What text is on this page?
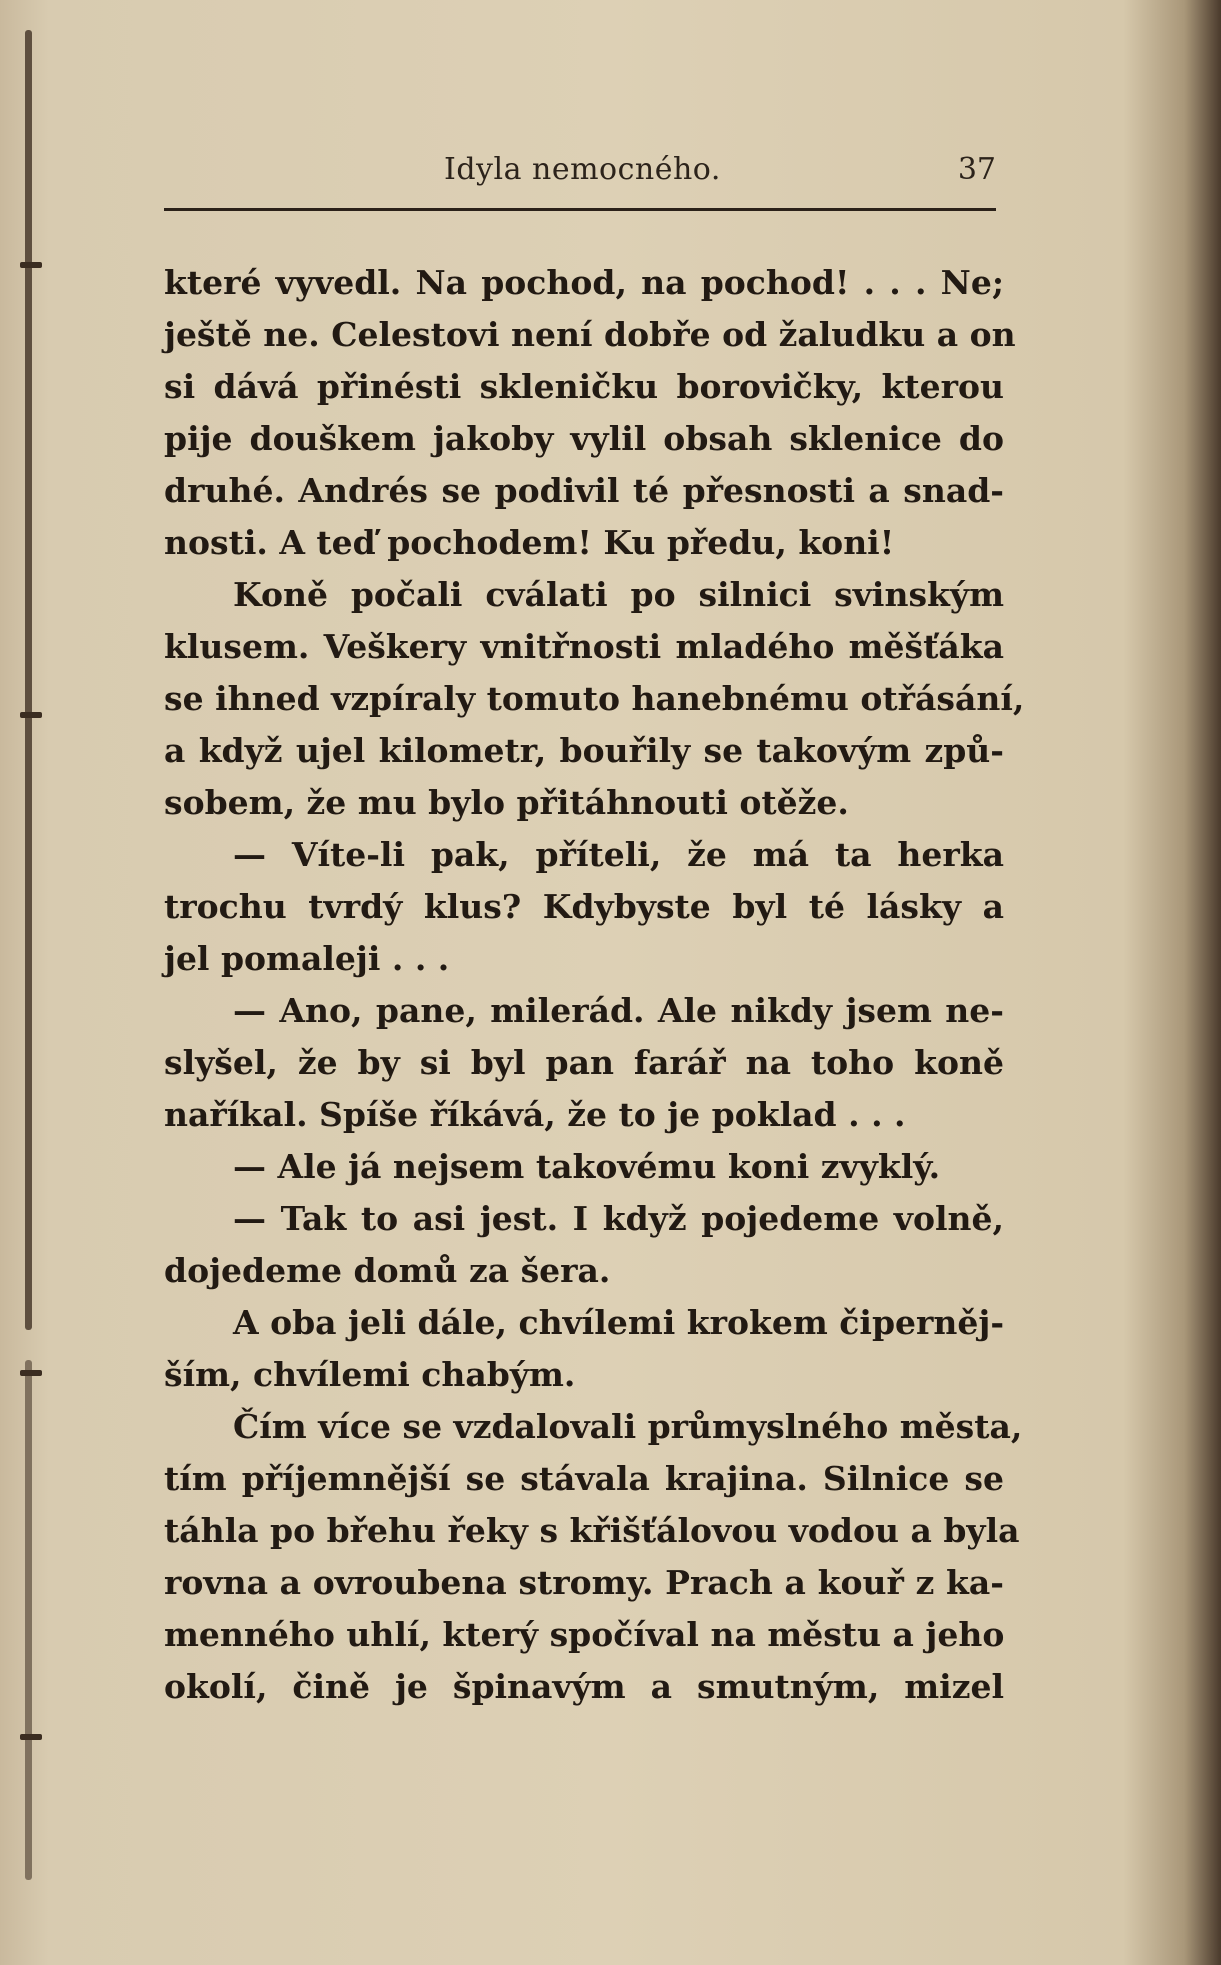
Idyla nemocného.	37
které vyvedl. Na pochod, na pochod! . . . Ne;
ještě ne. Celestovi není dobře od žaludku a on
si dává přinésti skleničku borovičky, kterou
pije douškem jakoby vylil obsah sklenice do
druhé. Andrés se podivil té přesnosti a snad-
nosti. A teď pochodem! Ku předu, koni!
Koně počali cválati po silnici svinským
klusem. Veškery vnitřnosti mladého měšťáka
se ihned vzpíraly tomuto hanebnému otřásání,
a když ujel kilometr, bouřily se takovým způ-
sobem, že mu bylo přitáhnouti otěže.
— Víte-li pak, příteli, že má ta herka
trochu tvrdý klus? Kdybyste byl té lásky a
jel pomaleji . . .
— Ano, pane, milerád. Ale nikdy jsem ne-
slyšel, že by si byl pan farář na toho koně
naříkal. Spíše říkává, že to je poklad . . .
— Ale já nejsem takovému koni zvyklý.
— Tak to asi jest. I když pojedeme volně,
dojedeme domů za šera.
A oba jeli dále, chvílemi krokem čiperněj-
ším, chvílemi chabým.
Čím více se vzdalovali průmyslného města,
tím příjemnější se stávala krajina. Silnice se
táhla po břehu řeky s křišťálovou vodou a byla
rovna a ovroubena stromy. Prach a kouř z ka-
menného uhlí, který spočíval na městu a jeho
okolí, čině je špinavým a smutným, mizel
